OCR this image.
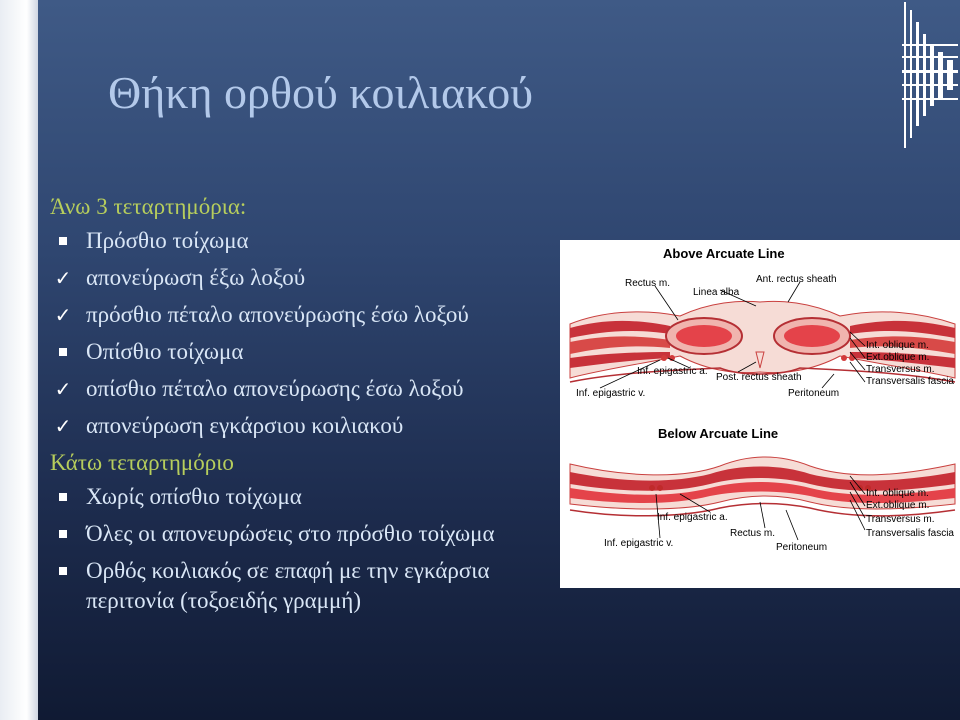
Θήκη ορθού κοιλιακού
Άνω 3 τεταρτημόρια:
Πρόσθιο τοίχωμα
✓ απονεύρωση έξω λοξού
✓ πρόσθιο πέταλο απονεύρωσης έσω λοξού
Οπίσθιο τοίχωμα
✓ οπίσθιο πέταλο απονεύρωσης έσω λοξού
✓ απονεύρωση εγκάρσιου κοιλιακού
Κάτω τεταρτημόριο
Χωρίς οπίσθιο τοίχωμα
Όλες οι απονευρώσεις στο πρόσθιο τοίχωμα
Ορθός κοιλιακός σε επαφή με την εγκάρσια περιτονία (τοξοειδής γραμμή)
Above Arcuate Line
Rectus m.
Linea alba
Ant. rectus sheath
Inf. epigastric a.
Post. rectus sheath
Inf. epigastric v.	Peritoneum
Int. oblique m.
Ext.oblique m.
Transversus m.
Transversalis fascia
Below Arcuate Line
Int. oblique m.
Ext.oblique m.
Inf. epigastric a.	Transversus m.
Rectus m.	Transversalis fascia
Inf. epigastric v.	Peritoneum
3
